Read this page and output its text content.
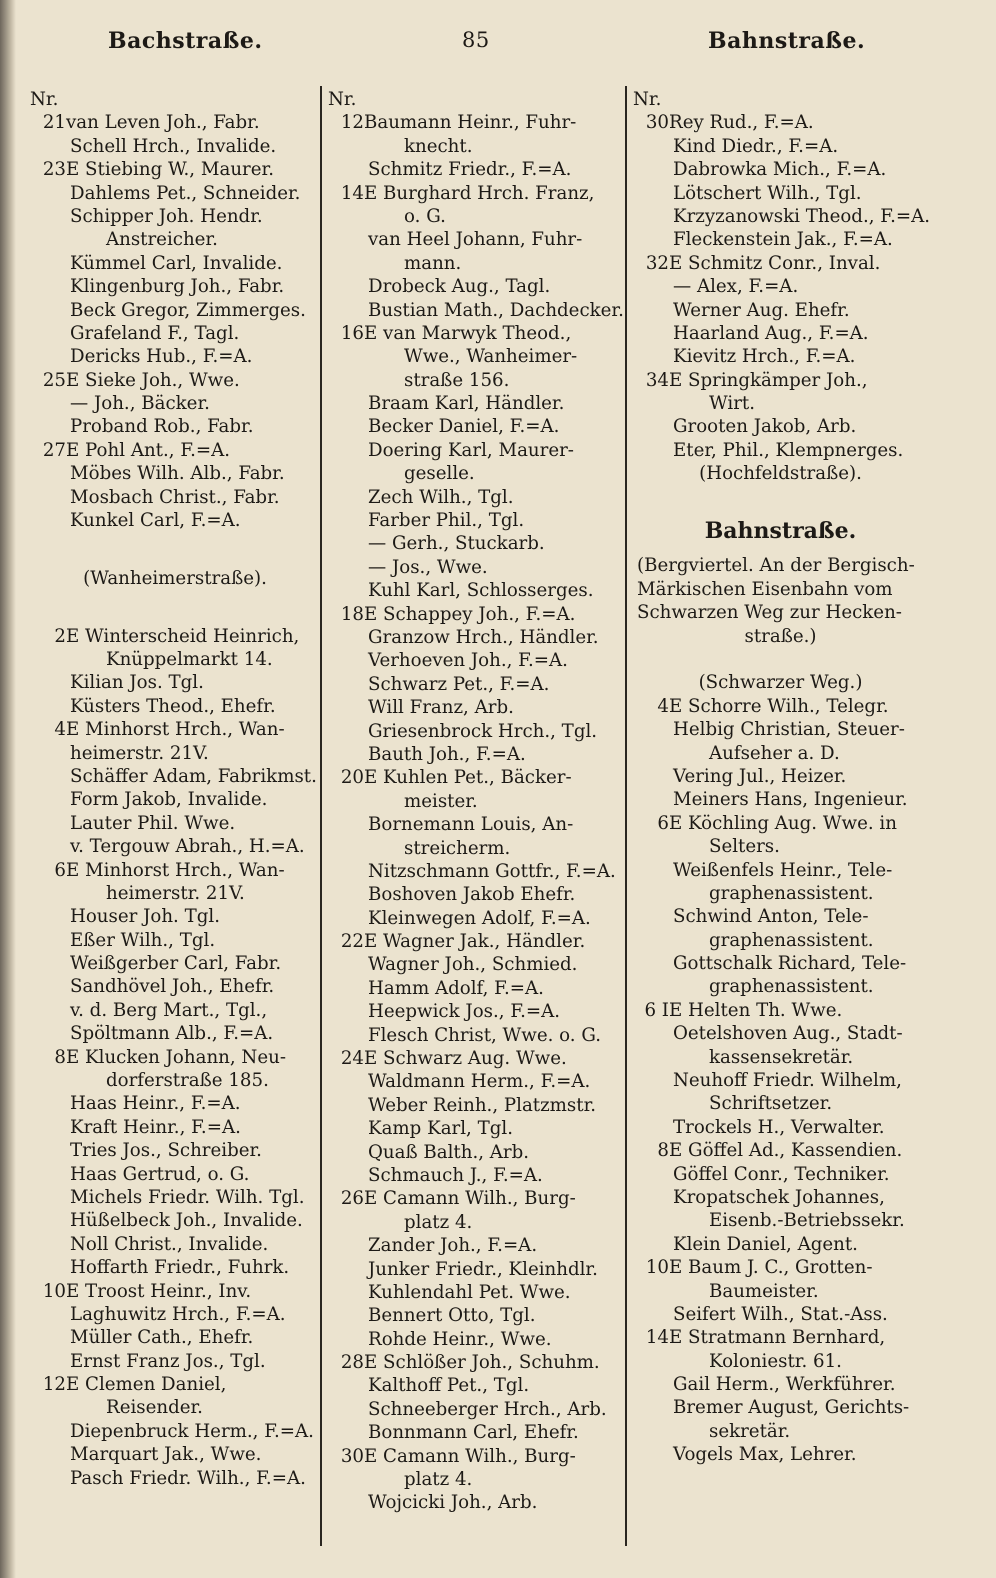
Bachstraße.	85	Bahnstraße.
Nr.
21 van Leven Joh., Fabr.
Schell Hrch., Invalide.
23 E Stiebing W., Maurer.
Dahlems Pet., Schneider.
Schipper Joh. Hendr.
Anstreicher.
Kümmel Carl, Invalide.
Klingenburg Joh., Fabr.
Beck Gregor, Zimmerges.
Grafeland F., Tagl.
Dericks Hub., F.=A.
25 E Sieke Joh., Wwe.
— Joh., Bäcker.
Proband Rob., Fabr.
27 E Pohl Ant., F.=A.
Möbes Wilh. Alb., Fabr.
Mosbach Christ., Fabr.
Kunkel Carl, F.=A.
(Wanheimerstraße).
2 E Winterscheid Heinrich,
Knüppelmarkt 14.
Kilian Jos. Tgl.
Küsters Theod., Ehefr.
4 E Minhorst Hrch., Wan-
heimerstr. 21V.
Schäffer Adam, Fabrikmst.
Form Jakob, Invalide.
Lauter Phil. Wwe.
v. Tergouw Abrah., H.=A.
6 E Minhorst Hrch., Wan-
heimerstr. 21V.
Houser Joh. Tgl.
Eßer Wilh., Tgl.
Weißgerber Carl, Fabr.
Sandhövel Joh., Ehefr.
v. d. Berg Mart., Tgl.,
Spöltmann Alb., F.=A.
8 E Klucken Johann, Neu-
dorferstraße 185.
Haas Heinr., F.=A.
Kraft Heinr., F.=A.
Tries Jos., Schreiber.
Haas Gertrud, o. G.
Michels Friedr. Wilh. Tgl.
Hüßelbeck Joh., Invalide.
Noll Christ., Invalide.
Hoffarth Friedr., Fuhrk.
10 E Troost Heinr., Inv.
Laghuwitz Hrch., F.=A.
Müller Cath., Ehefr.
Ernst Franz Jos., Tgl.
12 E Clemen Daniel,
Reisender.
Diepenbruck Herm., F.=A.
Marquart Jak., Wwe.
Pasch Friedr. Wilh., F.=A.
Nr.
12 Baumann Heinr., Fuhr-
knecht.
Schmitz Friedr., F.=A.
14 E Burghard Hrch. Franz,
o. G.
van Heel Johann, Fuhr-
mann.
Drobeck Aug., Tagl.
Bustian Math., Dachdecker.
16 E van Marwyk Theod.,
Wwe., Wanheimer-
straße 156.
Braam Karl, Händler.
Becker Daniel, F.=A.
Doering Karl, Maurer-
geselle.
Zech Wilh., Tgl.
Farber Phil., Tgl.
— Gerh., Stuckarb.
— Jos., Wwe.
Kuhl Karl, Schlosserges.
18 E Schappey Joh., F.=A.
Granzow Hrch., Händler.
Verhoeven Joh., F.=A.
Schwarz Pet., F.=A.
Will Franz, Arb.
Griesenbrock Hrch., Tgl.
Bauth Joh., F.=A.
20 E Kuhlen Pet., Bäcker-
meister.
Bornemann Louis, An-
streicherm.
Nitzschmann Gottfr., F.=A.
Boshoven Jakob Ehefr.
Kleinwegen Adolf, F.=A.
22 E Wagner Jak., Händler.
Wagner Joh., Schmied.
Hamm Adolf, F.=A.
Heepwick Jos., F.=A.
Flesch Christ, Wwe. o. G.
24 E Schwarz Aug. Wwe.
Waldmann Herm., F.=A.
Weber Reinh., Platzmstr.
Kamp Karl, Tgl.
Quaß Balth., Arb.
Schmauch J., F.=A.
26 E Camann Wilh., Burg-
platz 4.
Zander Joh., F.=A.
Junker Friedr., Kleinhdlr.
Kuhlendahl Pet. Wwe.
Bennert Otto, Tgl.
Rohde Heinr., Wwe.
28 E Schlößer Joh., Schuhm.
Kalthoff Pet., Tgl.
Schneeberger Hrch., Arb.
Bonnmann Carl, Ehefr.
30 E Camann Wilh., Burg-
platz 4.
Wojcicki Joh., Arb.
Nr.
30 Rey Rud., F.=A.
Kind Diedr., F.=A.
Dabrowka Mich., F.=A.
Lötschert Wilh., Tgl.
Krzyzanowski Theod., F.=A.
Fleckenstein Jak., F.=A.
32 E Schmitz Conr., Inval.
— Alex, F.=A.
Werner Aug. Ehefr.
Haarland Aug., F.=A.
Kievitz Hrch., F.=A.
34 E Springkämper Joh.,
Wirt.
Grooten Jakob, Arb.
Eter, Phil., Klempnerges.
(Hochfeldstraße).
Bahnstraße.
(Bergviertel. An der Bergisch-
Märkischen Eisenbahn vom
Schwarzen Weg zur Hecken-
straße.)
(Schwarzer Weg.)
4 E Schorre Wilh., Telegr.
Helbig Christian, Steuer-
Aufseher a. D.
Vering Jul., Heizer.
Meiners Hans, Ingenieur.
6 E Köchling Aug. Wwe. in
Selters.
Weißenfels Heinr., Tele-
graphenassistent.
Schwind Anton, Tele-
graphenassistent.
Gottschalk Richard, Tele-
graphenassistent.
6 I E Helten Th. Wwe.
Oetelshoven Aug., Stadt-
kassensekretär.
Neuhoff Friedr. Wilhelm,
Schriftsetzer.
Trockels H., Verwalter.
8 E Göffel Ad., Kassendien.
Göffel Conr., Techniker.
Kropatschek Johannes,
Eisenb.-Betriebssekr.
Klein Daniel, Agent.
10 E Baum J. C., Grotten-
Baumeister.
Seifert Wilh., Stat.-Ass.
14 E Stratmann Bernhard,
Koloniestr. 61.
Gail Herm., Werkführer.
Bremer August, Gerichts-
sekretär.
Vogels Max, Lehrer.
